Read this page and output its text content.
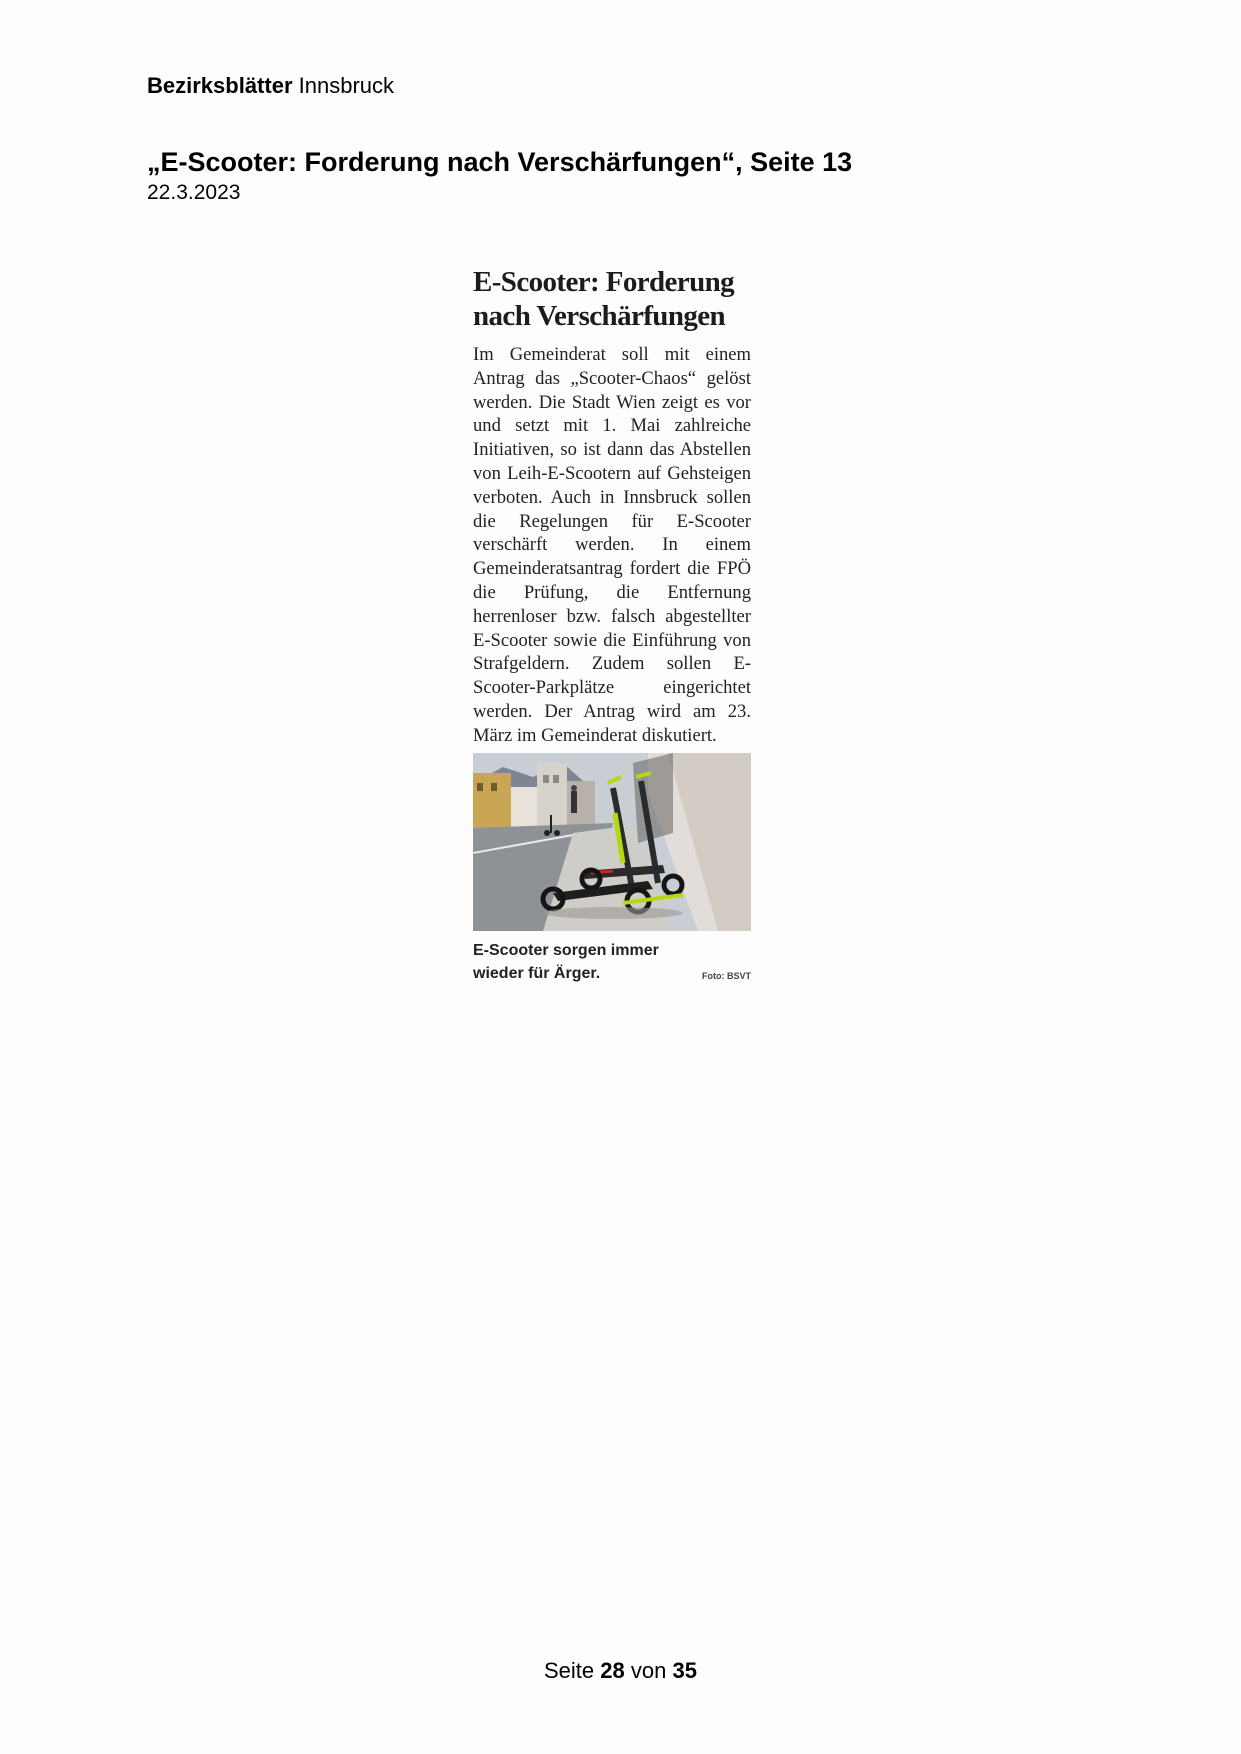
Bezirksblätter Innsbruck
„E-Scooter: Forderung nach Verschärfungen“, Seite 13
22.3.2023
E-Scooter: Forderung nach Verschärfungen

Im Gemeinderat soll mit einem Antrag das „Scooter-Chaos“ gelöst werden. Die Stadt Wien zeigt es vor und setzt mit 1. Mai zahlreiche Initiativen, so ist dann das Abstellen von Leih-E-Scootern auf Gehsteigen verboten. Auch in Innsbruck sollen die Regelungen für E-Scooter verschärft werden. In einem Gemeinderatsantrag fordert die FPÖ die Prüfung, die Entfernung herrenloser bzw. falsch abgestellter E-Scooter sowie die Einführung von Strafgeldern. Zudem sollen E-Scooter-Parkplätze eingerichtet werden. Der Antrag wird am 23. März im Gemeinderat diskutiert.

E-Scooter sorgen immer wieder für Ärger.	Foto: BSVT
Seite 28 von 35
